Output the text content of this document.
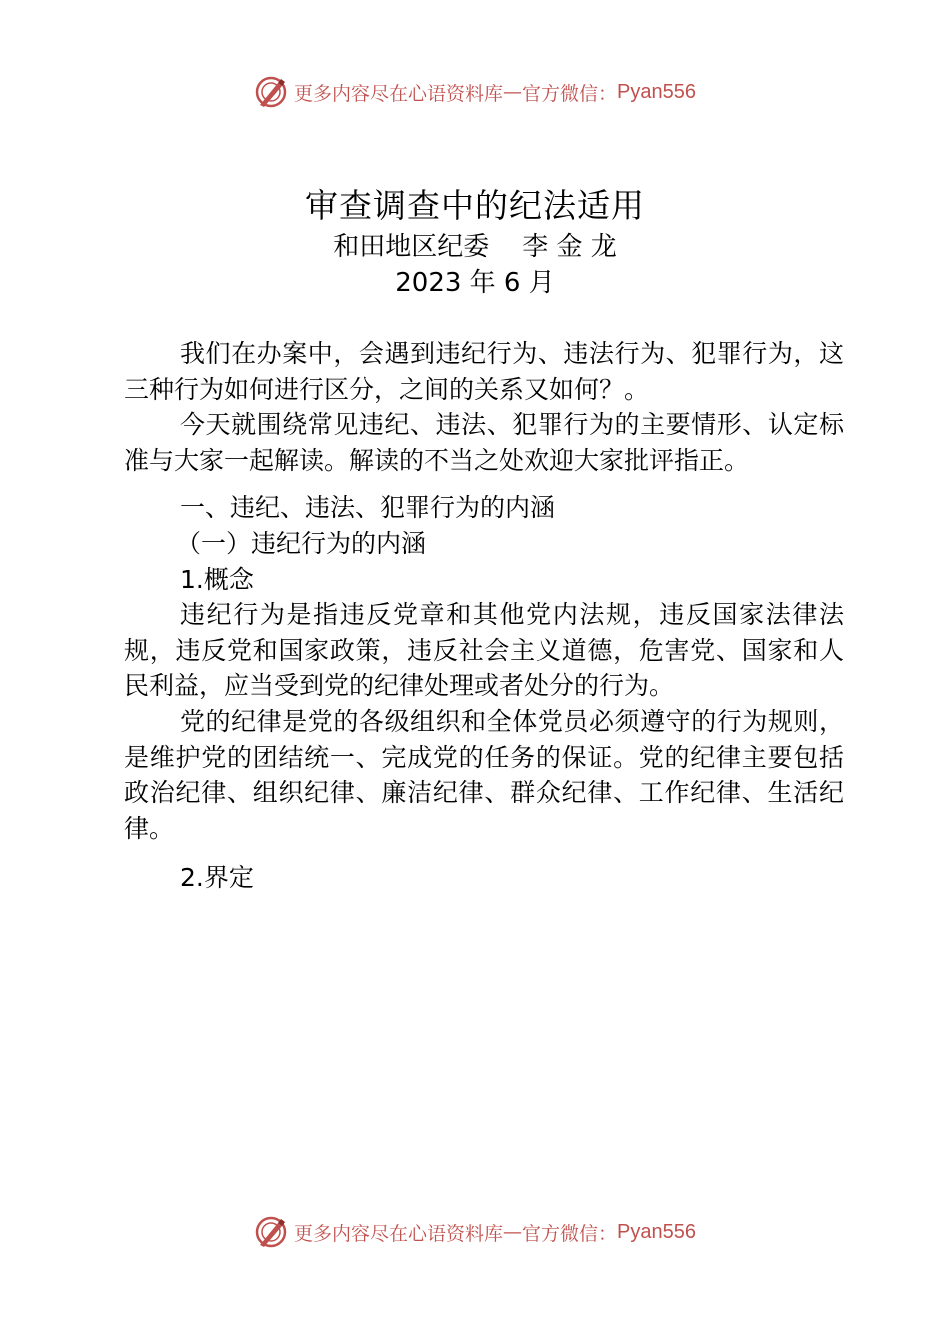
更多内容尽在心语资料库 — 官方微信： Pyan556
审查调查中的纪法适用
和田地区纪委    李 金 龙
2023 年 6 月

我们在办案中，会遇到违纪行为、违法行为、犯罪行为，这三种行为如何进行区分，之间的关系又如何？。

今天就围绕常见违纪、违法、犯罪行为的主要情形、认定标准与大家一起解读。解读的不当之处欢迎大家批评指正。

一、违纪、违法、犯罪行为的内涵

（一）违纪行为的内涵

1.概念

违纪行为是指违反党章和其他党内法规，违反国家法律法规，违反党和国家政策，违反社会主义道德，危害党、国家和人民利益，应当受到党的纪律处理或者处分的行为。

党的纪律是党的各级组织和全体党员必须遵守的行为规则，是维护党的团结统一、完成党的任务的保证。党的纪律主要包括政治纪律、组织纪律、廉洁纪律、群众纪律、工作纪律、生活纪律。

2.界定

更多内容尽在心语资料库 — 官方微信： Pyan556
